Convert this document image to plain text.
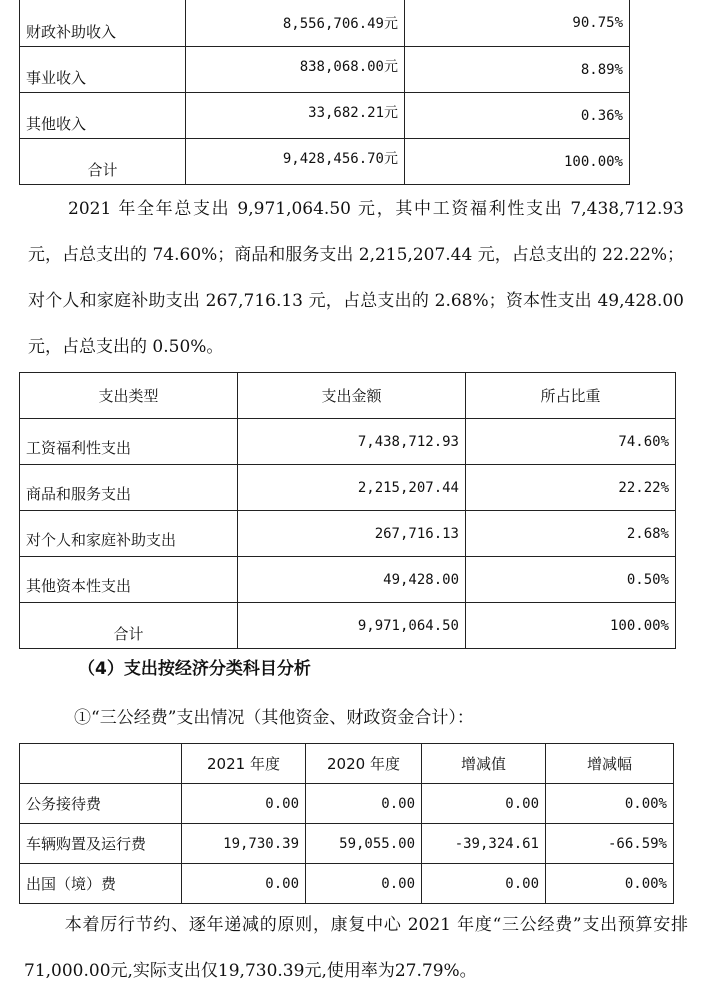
财政补助收入	8,556,706.49元	90.75%
事业收入	838,068.00元	8.89%
其他收入	33,682.21元	0.36%
合计	9,428,456.70元	100.00%

2021 年全年总支出 9,971,064.50 元，其中工资福利性支出 7,438,712.93 元，占总支出的 74.60%；商品和服务支出 2,215,207.44 元，占总支出的 22.22%；对个人和家庭补助支出 267,716.13 元，占总支出的 2.68%；资本性支出 49,428.00 元，占总支出的 0.50%。

支出类型	支出金额	所占比重
工资福利性支出	7,438,712.93	74.60%
商品和服务支出	2,215,207.44	22.22%
对个人和家庭补助支出	267,716.13	2.68%
其他资本性支出	49,428.00	0.50%
合计	9,971,064.50	100.00%

（4）支出按经济分类科目分析

①“三公经费”支出情况（其他资金、财政资金合计）：

	2021 年度	2020 年度	增减值	增减幅
公务接待费	0.00	0.00	0.00	0.00%
车辆购置及运行费	19,730.39	59,055.00	-39,324.61	-66.59%
出国（境）费	0.00	0.00	0.00	0.00%

本着厉行节约、逐年递减的原则，康复中心 2021 年度“三公经费”支出预算安排71,000.00元,实际支出仅19,730.39元,使用率为27.79%。
